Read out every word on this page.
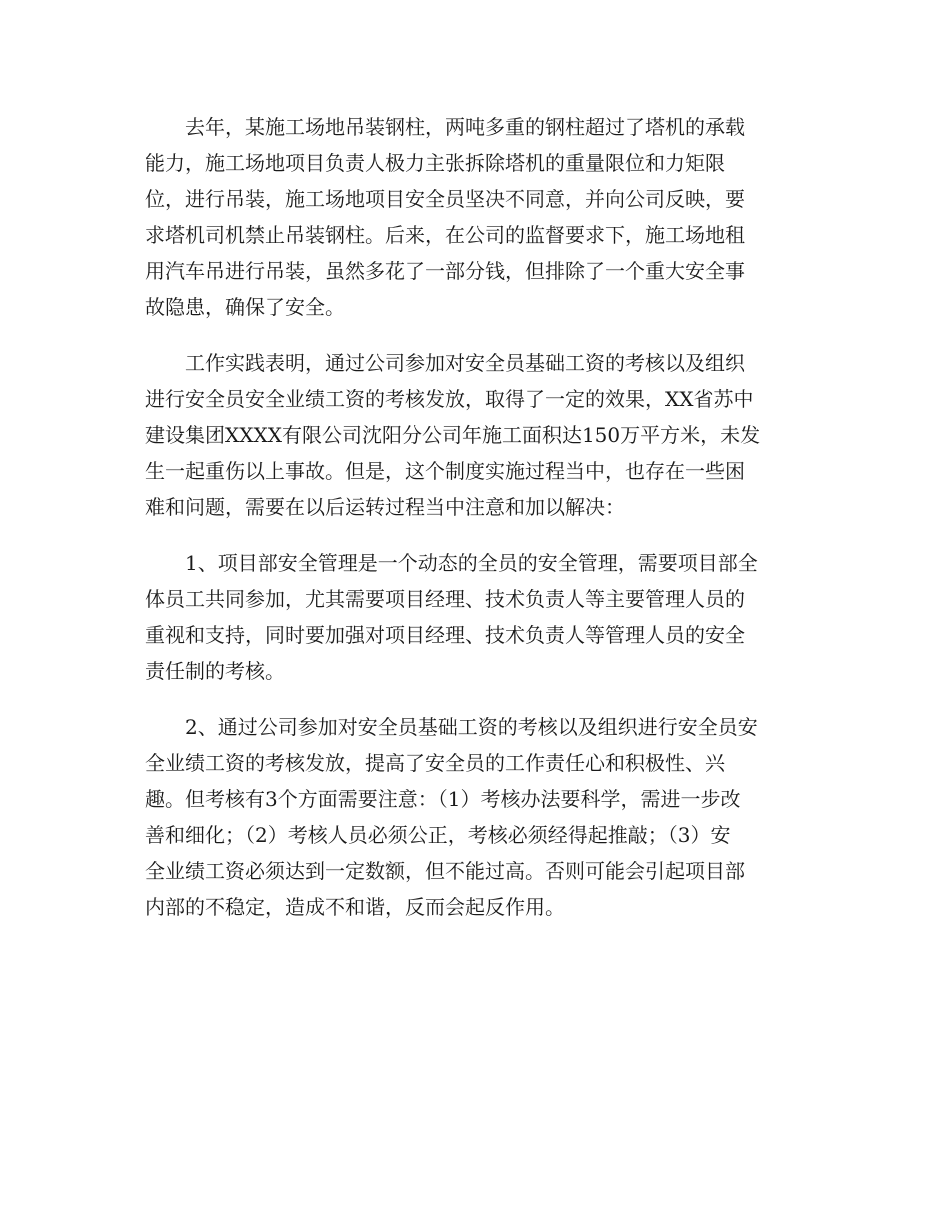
　　去年，某施工场地吊装钢柱，两吨多重的钢柱超过了塔机的承载
能力，施工场地项目负责人极力主张拆除塔机的重量限位和力矩限
位，进行吊装，施工场地项目安全员坚决不同意，并向公司反映，要
求塔机司机禁止吊装钢柱。后来，在公司的监督要求下，施工场地租
用汽车吊进行吊装，虽然多花了一部分钱，但排除了一个重大安全事
故隐患，确保了安全。
　　工作实践表明，通过公司参加对安全员基础工资的考核以及组织
进行安全员安全业绩工资的考核发放，取得了一定的效果，XX省苏中
建设集团XXXX有限公司沈阳分公司年施工面积达150万平方米，未发
生一起重伤以上事故。但是，这个制度实施过程当中，也存在一些困
难和问题，需要在以后运转过程当中注意和加以解决：
　　1、项目部安全管理是一个动态的全员的安全管理，需要项目部全
体员工共同参加，尤其需要项目经理、技术负责人等主要管理人员的
重视和支持，同时要加强对项目经理、技术负责人等管理人员的安全
责任制的考核。
　　2、通过公司参加对安全员基础工资的考核以及组织进行安全员安
全业绩工资的考核发放，提高了安全员的工作责任心和积极性、兴
趣。但考核有3个方面需要注意：（1）考核办法要科学，需进一步改
善和细化；（2）考核人员必须公正，考核必须经得起推敲；（3）安
全业绩工资必须达到一定数额，但不能过高。否则可能会引起项目部
内部的不稳定，造成不和谐，反而会起反作用。
